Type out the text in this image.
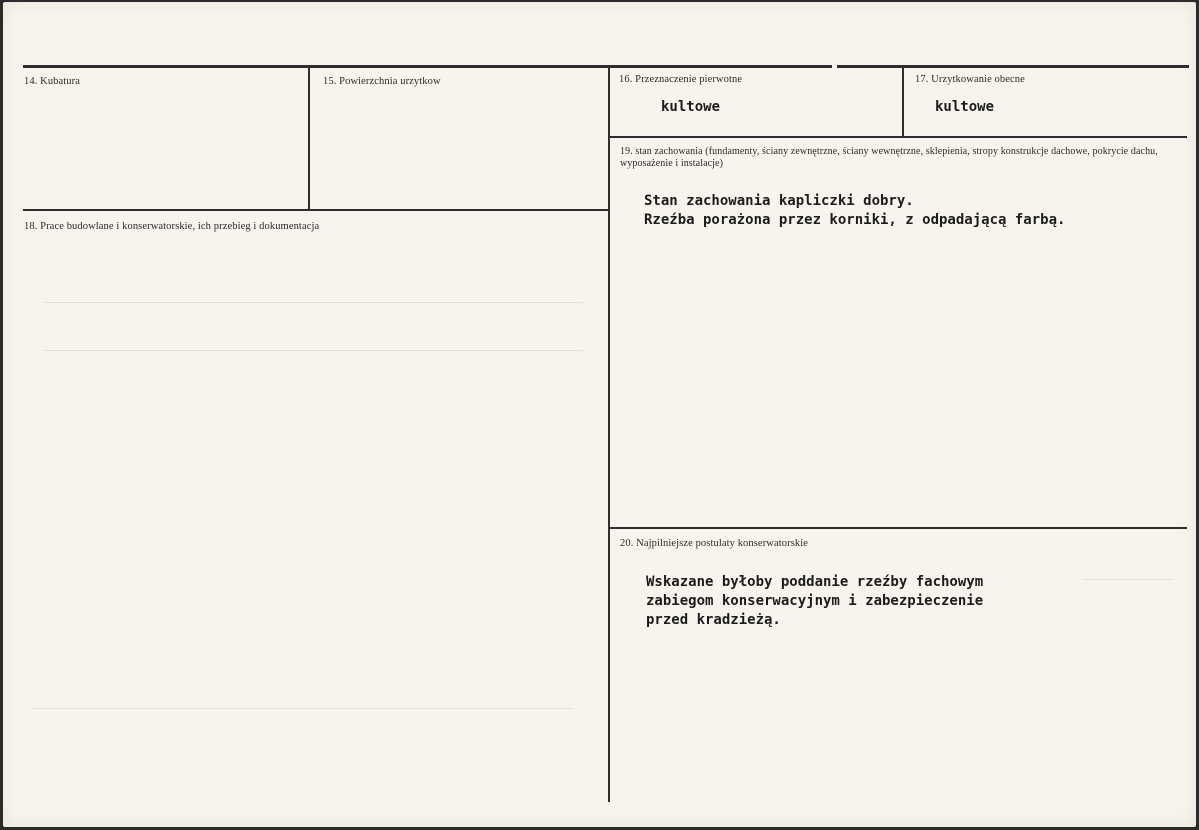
14. Kubatura	15. Powierzchnia urzytkow	16. Przeznaczenie pierwotne
kultowe
17. Urzytkowanie obecne
kultowe
18. Prace budowlane i konserwatorskie, ich przebieg i dokumentacja
19. stan zachowania (fundamenty, ściany zewnętrzne, ściany wewnętrzne, sklepienia, stropy konstrukcje dachowe, pokrycie dachu, wyposażenie i instalacje)
Stan zachowania kapliczki dobry.
Rzeźba porażona przez korniki, z odpadającą farbą.
20. Najpilniejsze postulaty konserwatorskie
Wskazane byłoby poddanie rzeźby fachowym
zabiegom konserwacyjnym i zabezpieczenie
przed kradzieżą.
